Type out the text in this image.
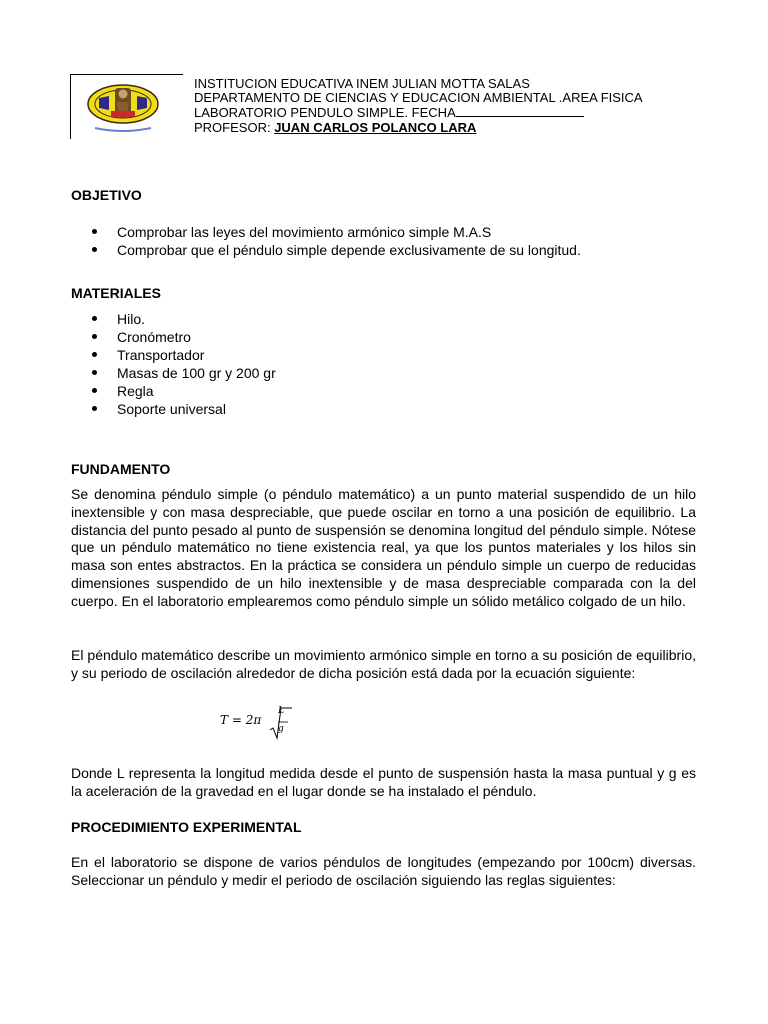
INSTITUCION EDUCATIVA INEM JULIAN MOTTA SALAS
DEPARTAMENTO DE CIENCIAS Y EDUCACION AMBIENTAL .AREA FISICA
LABORATORIO PENDULO SIMPLE. FECHA
PROFESOR: JUAN CARLOS POLANCO LARA
OBJETIVO
Comprobar las leyes del movimiento armónico simple M.A.S
Comprobar que el péndulo simple depende exclusivamente de su longitud.
MATERIALES
Hilo.
Cronómetro
Transportador
Masas de 100 gr y 200 gr
Regla
Soporte universal
FUNDAMENTO

Se denomina péndulo simple (o péndulo matemático) a un punto material suspendido de un hilo inextensible y con masa despreciable, que puede oscilar en torno a una posición de equilibrio. La distancia del punto pesado al punto de suspensión se denomina longitud del péndulo simple. Nótese que un péndulo matemático no tiene existencia real, ya que los puntos materiales y los hilos sin masa son entes abstractos. En la práctica se considera un péndulo simple un cuerpo de reducidas dimensiones suspendido de un hilo inextensible y de masa despreciable comparada con la del cuerpo. En el laboratorio emplearemos como péndulo simple un sólido metálico colgado de un hilo.

El péndulo matemático describe un movimiento armónico simple en torno a su posición de equilibrio, y su periodo de oscilación alrededor de dicha posición está dada por la ecuación siguiente:

T = 2π
L
g

Donde L representa la longitud medida desde el punto de suspensión hasta la masa puntual y g es la aceleración de la gravedad en el lugar donde se ha instalado el péndulo.

PROCEDIMIENTO EXPERIMENTAL

En el laboratorio se dispone de varios péndulos de longitudes (empezando por 100cm) diversas. Seleccionar un péndulo y medir el periodo de oscilación siguiendo las reglas siguientes:
